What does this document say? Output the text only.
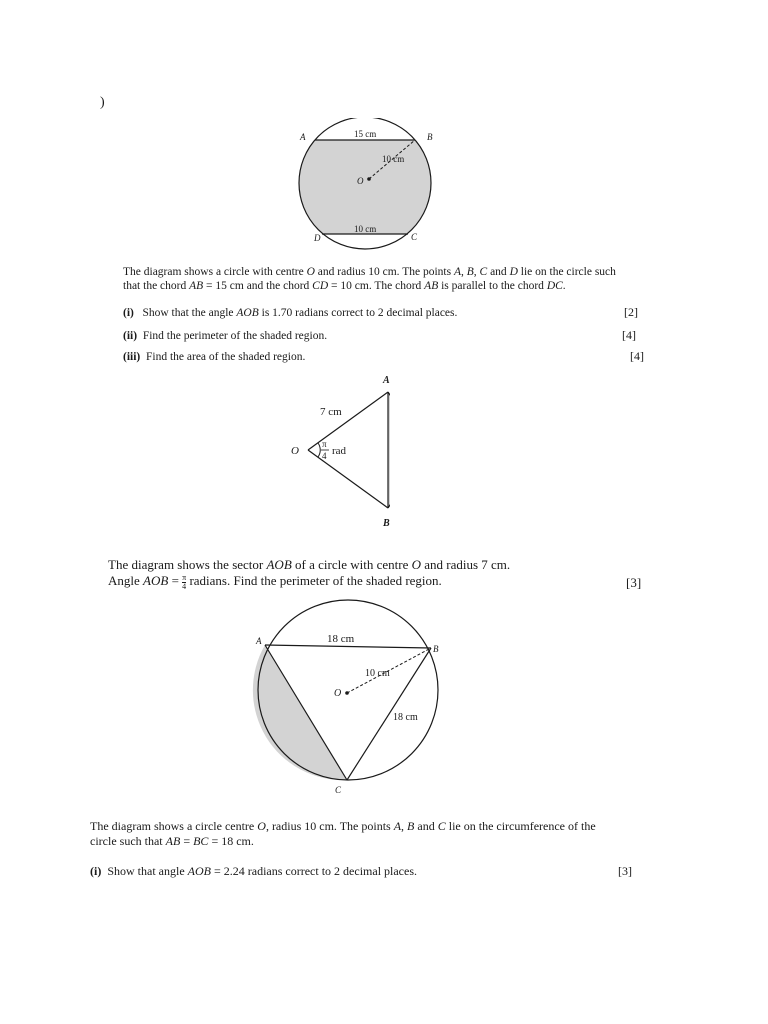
)
A	B
C
D
O
15 cm
10 cm
10 cm
The diagram shows a circle with centre O and radius 10 cm. The points A, B, C and D lie on the circle such
that the chord AB = 15 cm and the chord CD = 10 cm. The chord AB is parallel to the chord DC.
(i) Show that the angle AOB is 1.70 radians correct to 2 decimal places.	[2]
(ii) Find the perimeter of the shaded region.	[4]
(iii) Find the area of the shaded region.	[4]
A
B
O
7 cm
π
4 rad
The diagram shows the sector AOB of a circle with centre O and radius 7 cm.
Angle AOB = $\frac{\pi}{4}$ radians. Find the perimeter of the shaded region.	[3]
A
B
C
O
18 cm
10 cm
18 cm
The diagram shows a circle centre O, radius 10 cm. The points A, B and C lie on the circumference of the
circle such that AB = BC = 18 cm.
(i) Show that angle AOB = 2.24 radians correct to 2 decimal places.	[3]
